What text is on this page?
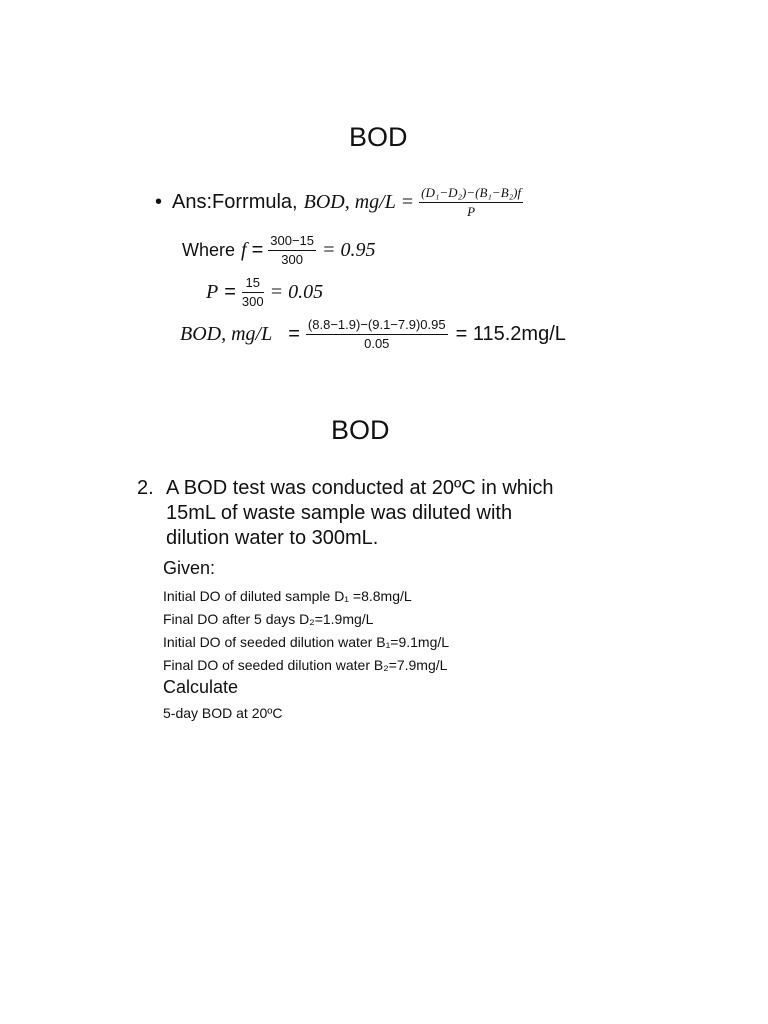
BOD
• Ans:Forrmula, BOD, $mg/L = \frac{\text{(D₁−D₂)−(B₁−B₂)f}}{P}$
Where $f = \frac{300-15}{300} = 0.95$
$P = \frac{15}{300} = 0.05$
BOD, $mg/L = \frac{(8.8-1.9)-(9.1-7.9)0.95}{0.05} = 115.2mg/L$
BOD
2. A BOD test was conducted at 20ºC in which
15mL of waste sample was diluted with
dilution water to 300mL.
Given:
Initial DO of diluted sample D₁ =8.8mg/L
Final DO after 5 days D₂=1.9mg/L
Initial DO of seeded dilution water B₁=9.1mg/L
Final DO of seeded dilution water B₂=7.9mg/L
Calculate
5-day BOD at 20ºC
